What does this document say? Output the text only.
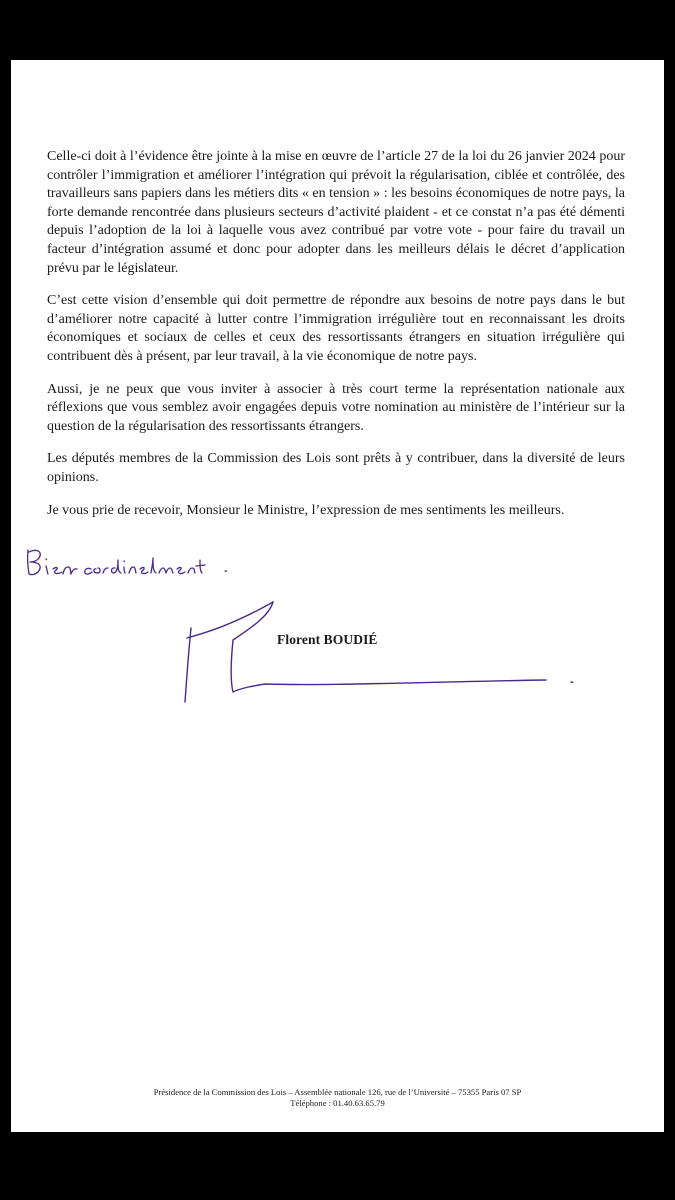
Celle-ci doit à l’évidence être jointe à la mise en œuvre de l’article 27 de la loi du 26 janvier 2024 pour contrôler l’immigration et améliorer l’intégration qui prévoit la régularisation, ciblée et contrôlée, des travailleurs sans papiers dans les métiers dits « en tension » : les besoins économiques de notre pays, la forte demande rencontrée dans plusieurs secteurs d’activité plaident - et ce constat n’a pas été démenti depuis l’adoption de la loi à laquelle vous avez contribué par votre vote - pour faire du travail un facteur d’intégration assumé et donc pour adopter dans les meilleurs délais le décret d’application prévu par le législateur.

C’est cette vision d’ensemble qui doit permettre de répondre aux besoins de notre pays dans le but d’améliorer notre capacité à lutter contre l’immigration irrégulière tout en reconnaissant les droits économiques et sociaux de celles et ceux des ressortissants étrangers en situation irrégulière qui contribuent dès à présent, par leur travail, à la vie économique de notre pays.

Aussi, je ne peux que vous inviter à associer à très court terme la représentation nationale aux réflexions que vous semblez avoir engagées depuis votre nomination au ministère de l’intérieur sur la question de la régularisation des ressortissants étrangers.

Les députés membres de la Commission des Lois sont prêts à y contribuer, dans la diversité de leurs opinions.

Je vous prie de recevoir, Monsieur le Ministre, l’expression de mes sentiments les meilleurs.

Florent BOUDIÉ

Présidence de la Commission des Lois – Assemblée nationale 126, rue de l’Université – 75355 Paris 07 SP
Téléphone : 01.40.63.65.79
